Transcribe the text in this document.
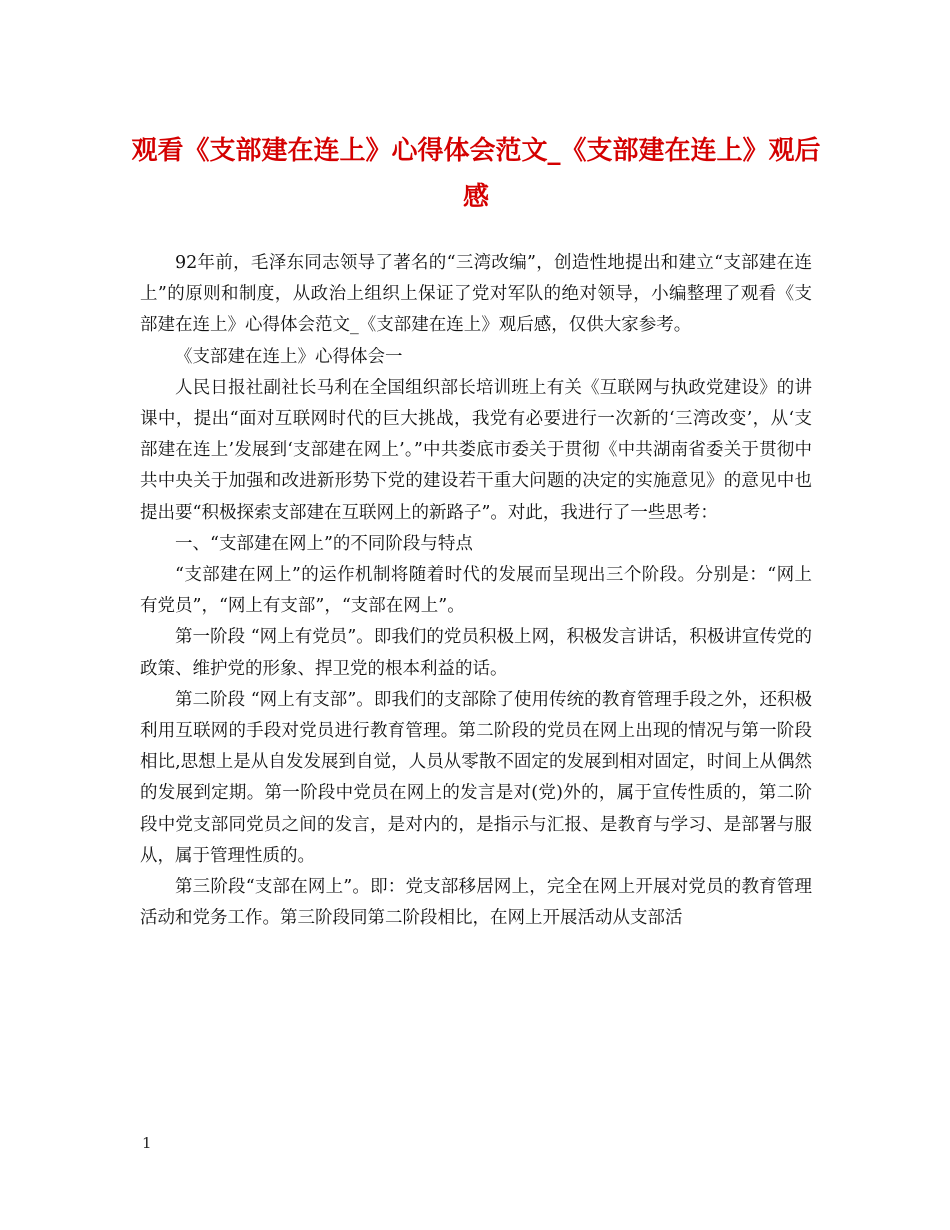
观看《支部建在连上》心得体会范文_《支部建在连上》观后感

92年前，毛泽东同志领导了著名的“三湾改编”，创造性地提出和建立“支部建在连上”的原则和制度，从政治上组织上保证了党对军队的绝对领导，小编整理了观看《支部建在连上》心得体会范文_《支部建在连上》观后感，仅供大家参考。

《支部建在连上》心得体会一

人民日报社副社长马利在全国组织部长培训班上有关《互联网与执政党建设》的讲课中，提出“面对互联网时代的巨大挑战，我党有必要进行一次新的‘三湾改变’，从‘支部建在连上’发展到‘支部建在网上’。”中共娄底市委关于贯彻《中共湖南省委关于贯彻中共中央关于加强和改进新形势下党的建设若干重大问题的决定的实施意见》的意见中也提出要“积极探索支部建在互联网上的新路子”。对此，我进行了一些思考：

一、“支部建在网上”的不同阶段与特点

“支部建在网上”的运作机制将随着时代的发展而呈现出三个阶段。分别是：“网上有党员”，“网上有支部”，“支部在网上”。

第一阶段 “网上有党员”。即我们的党员积极上网，积极发言讲话，积极讲宣传党的政策、维护党的形象、捍卫党的根本利益的话。

第二阶段 “网上有支部”。即我们的支部除了使用传统的教育管理手段之外，还积极利用互联网的手段对党员进行教育管理。第二阶段的党员在网上出现的情况与第一阶段相比,思想上是从自发发展到自觉，人员从零散不固定的发展到相对固定，时间上从偶然的发展到定期。第一阶段中党员在网上的发言是对(党)外的，属于宣传性质的，第二阶段中党支部同党员之间的发言，是对内的，是指示与汇报、是教育与学习、是部署与服从，属于管理性质的。

第三阶段“支部在网上”。即：党支部移居网上，完全在网上开展对党员的教育管理活动和党务工作。第三阶段同第二阶段相比，在网上开展活动从支部活

1
